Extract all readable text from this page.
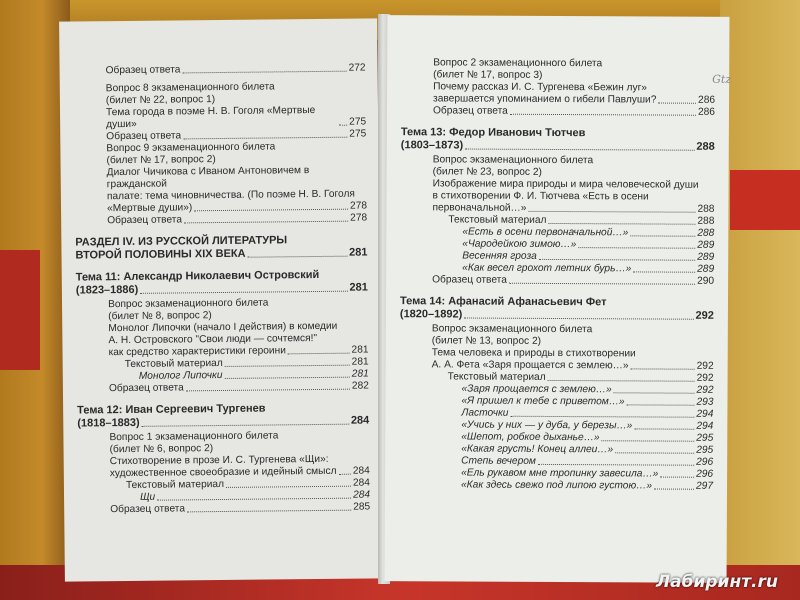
Образец ответа	272
Вопрос 8 экзаменационного билета
(билет № 22, вопрос 1)
Тема города в поэме Н. В. Гоголя «Мертвые души»	275
Образец ответа	275
Вопрос 9 экзаменационного билета
(билет № 17, вопрос 2)
Диалог Чичикова с Иваном Антоновичем в гражданской
палате: тема чиновничества. (По поэме Н. В. Гоголя
«Мертвые души»)	278
Образец ответа	278
РАЗДЕЛ IV. ИЗ РУССКОЙ ЛИТЕРАТУРЫ
ВТОРОЙ ПОЛОВИНЫ XIX ВЕКА	281
Тема 11: Александр Николаевич Островский
(1823–1886)	281
Вопрос экзаменационного билета
(билет № 8, вопрос 2)
Монолог Липочки (начало I действия) в комедии
А. Н. Островского "Свои люди — сочтемся!"
как средство характеристики героини	281
Текстовый материал	281
Монолог Липочки	281
Образец ответа	282
Тема 12: Иван Сергеевич Тургенев
(1818–1883)	284
Вопрос 1 экзаменационного билета
(билет № 6, вопрос 2)
Стихотворение в прозе И. С. Тургенева «Щи»:
художественное своеобразие и идейный смысл 284
Текстовый материал	284
Щи	284
Образец ответа	285
Вопрос 2 экзаменационного билета
(билет № 17, вопрос 3)
Почему рассказ И. С. Тургенева «Бежин луг»
завершается упоминанием о гибели Павлуши?	286
Образец ответа	286
Тема 13: Федор Иванович Тютчев
(1803–1873)	288
Вопрос экзаменационного билета
(билет № 23, вопрос 2)
Изображение мира природы и мира человеческой души
в стихотворении Ф. И. Тютчева «Есть в осени
первоначальной…»	288
Текстовый материал	288
«Есть в осени первоначальной…»	288
«Чародейкою зимою…»	289
Весенняя гроза	289
«Как весел грохот летних бурь…»	289
Образец ответа	290
Тема 14: Афанасий Афанасьевич Фет
(1820–1892)	292
Вопрос экзаменационного билета
(билет № 13, вопрос 2)
Тема человека и природы в стихотворении
А. А. Фета «Заря прощается с землею…»	292
Текстовый материал	292
«Заря прощается с землею…»	292
«Я пришел к тебе с приветом…»	293
Ласточки	294
«Учись у них — у дуба, у березы…»	294
«Шепот, робкое дыханье…»	295
«Какая грусть! Конец аллеи…»	295
Степь вечером	296
«Ель рукавом мне тропинку завесила…»	296
«Как здесь свежо под липою густою…»	297
Gtz
Лабиринт.ru
